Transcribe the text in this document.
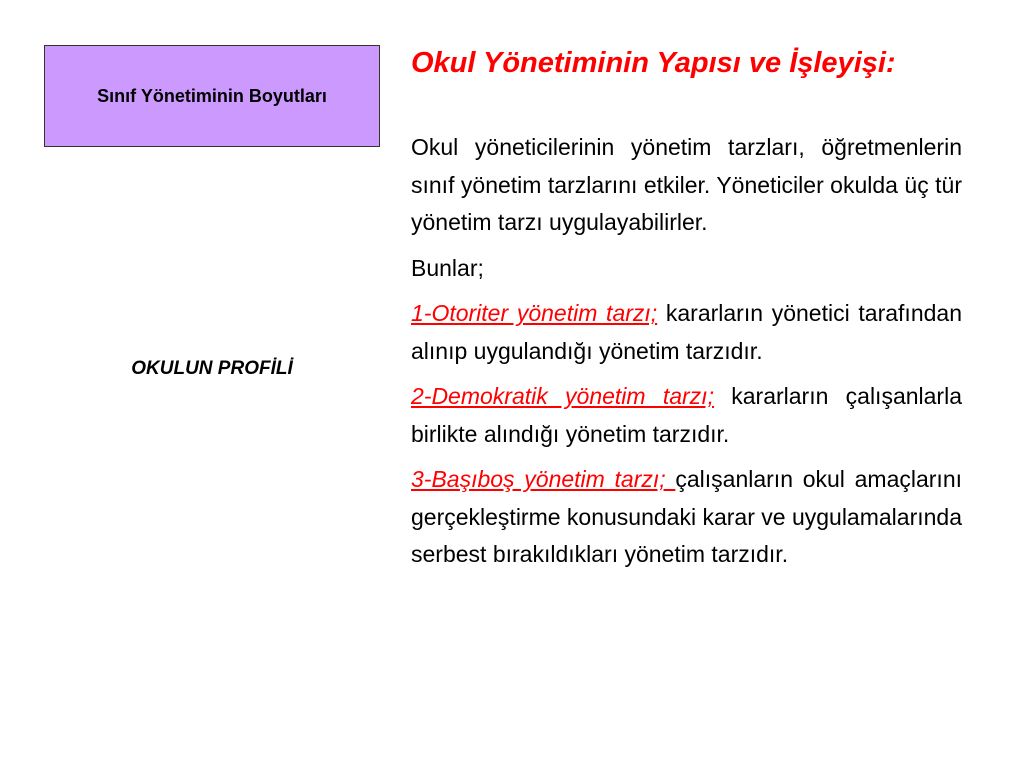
Sınıf Yönetiminin Boyutları
OKULUN PROFİLİ

Okul Yönetiminin Yapısı ve İşleyişi:

Okul yöneticilerinin yönetim tarzları, öğretmenlerin sınıf yönetim tarzlarını etkiler. Yöneticiler okulda üç tür yönetim tarzı uygulayabilirler.

Bunlar;

1-Otoriter yönetim tarzı; kararların yönetici tarafından alınıp uygulandığı yönetim tarzıdır.

2-Demokratik yönetim tarzı; kararların çalışanlarla birlikte alındığı yönetim tarzıdır.

3-Başıboş yönetim tarzı; çalışanların okul amaçlarını gerçekleştirme konusundaki karar ve uygulamalarında serbest bırakıldıkları yönetim tarzıdır.
